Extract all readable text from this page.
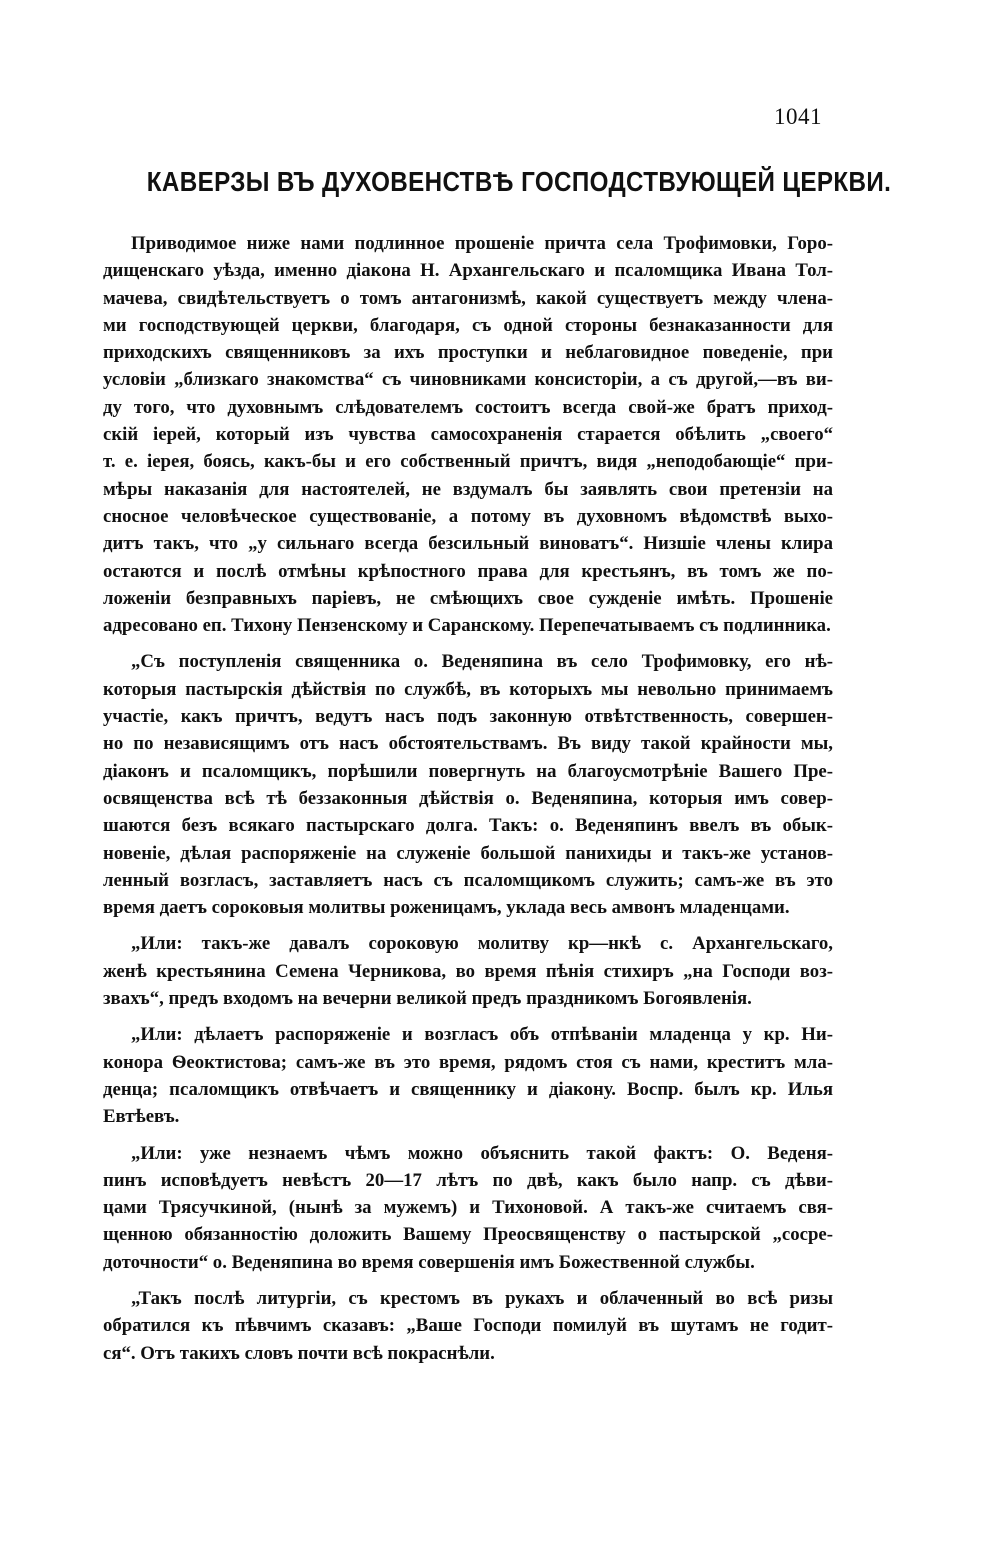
1041
КАВЕРЗЫ ВЪ ДУХОВЕНСТВѢ ГОСПОДСТВУЮЩЕЙ ЦЕРКВИ.
Приводимое ниже нами подлинное прошеніе причта села Трофимовки, Горо-
дищенскаго уѣзда, именно діакона Н. Архангельскаго и псаломщика Ивана Тол-
мачева, свидѣтельствуетъ о томъ антагонизмѣ, какой существуетъ между члена-
ми господствующей церкви, благодаря, съ одной стороны безнаказанности для
приходскихъ священниковъ за ихъ проступки и неблаговидное поведеніе, при
условіи „близкаго знакомства“ съ чиновниками консисторіи, а съ другой,—въ ви-
ду того, что духовнымъ слѣдователемъ состоитъ всегда свой-же братъ приход-
скій іерей, который изъ чувства самосохраненія старается обѣлить „своего“
т. е. іерея, боясь, какъ-бы и его собственный причтъ, видя „неподобающіе“ при-
мѣры наказанія для настоятелей, не вздумалъ бы заявлять свои претензіи на
сносное человѣческое существованіе, а потому въ духовномъ вѣдомствѣ выхо-
дитъ такъ, что „у сильнаго всегда безсильный виноватъ“. Низшіе члены клира
остаются и послѣ отмѣны крѣпостного права для крестьянъ, въ томъ же по-
ложеніи безправныхъ паріевъ, не смѣющихъ свое сужденіе имѣть. Прошеніе
адресовано еп. Тихону Пензенскому и Саранскому. Перепечатываемъ съ подлинника.
„Съ поступленія священника о. Веденяпина въ село Трофимовку, его нѣ-
которыя пастырскія дѣйствія по службѣ, въ которыхъ мы невольно принимаемъ
участіе, какъ причтъ, ведутъ насъ подъ законную отвѣтственность, совершен-
но по независящимъ отъ насъ обстоятельствамъ. Въ виду такой крайности мы,
діаконъ и псаломщикъ, порѣшили повергнуть на благоусмотрѣніе Вашего Пре-
освященства всѣ тѣ беззаконныя дѣйствія о. Веденяпина, которыя имъ совер-
шаются безъ всякаго пастырскаго долга. Такъ: о. Веденяпинъ ввелъ въ обык-
новеніе, дѣлая распоряженіе на служеніе большой панихиды и такъ-же установ-
ленный возгласъ, заставляетъ насъ съ псаломщикомъ служить; самъ-же въ это
время даетъ сороковыя молитвы роженицамъ, уклада весь амвонъ младенцами.
„Или: такъ-же давалъ сороковую молитву кр—нкѣ с. Архангельскаго,
женѣ крестьянина Семена Черникова, во время пѣнія стихиръ „на Господи воз-
звахъ“, предъ входомъ на вечерни великой предъ праздникомъ Богоявленія.
„Или: дѣлаетъ распоряженіе и возгласъ объ отпѣваніи младенца у кр. Ни-
конора Ѳеоктистова; самъ-же въ это время, рядомъ стоя съ нами, креститъ мла-
денца; псаломщикъ отвѣчаетъ и священнику и діакону. Воспр. былъ кр. Илья
Евтѣевъ.
„Или: уже незнаемъ чѣмъ можно объяснить такой фактъ: О. Веденя-
пинъ исповѣдуетъ невѣстъ 20—17 лѣтъ по двѣ, какъ было напр. съ дѣви-
цами Трясучкиной, (нынѣ за мужемъ) и Тихоновой. А такъ-же считаемъ свя-
щенною обязанностію доложить Вашему Преосвященству о пастырской „сосре-
доточности“ о. Веденяпина во время совершенія имъ Божественной службы.
„Такъ послѣ литургіи, съ крестомъ въ рукахъ и облаченный во всѣ ризы
обратился къ пѣвчимъ сказавъ: „Ваше Господи помилуй въ шутамъ не годит-
ся“. Отъ такихъ словъ почти всѣ покраснѣли.
